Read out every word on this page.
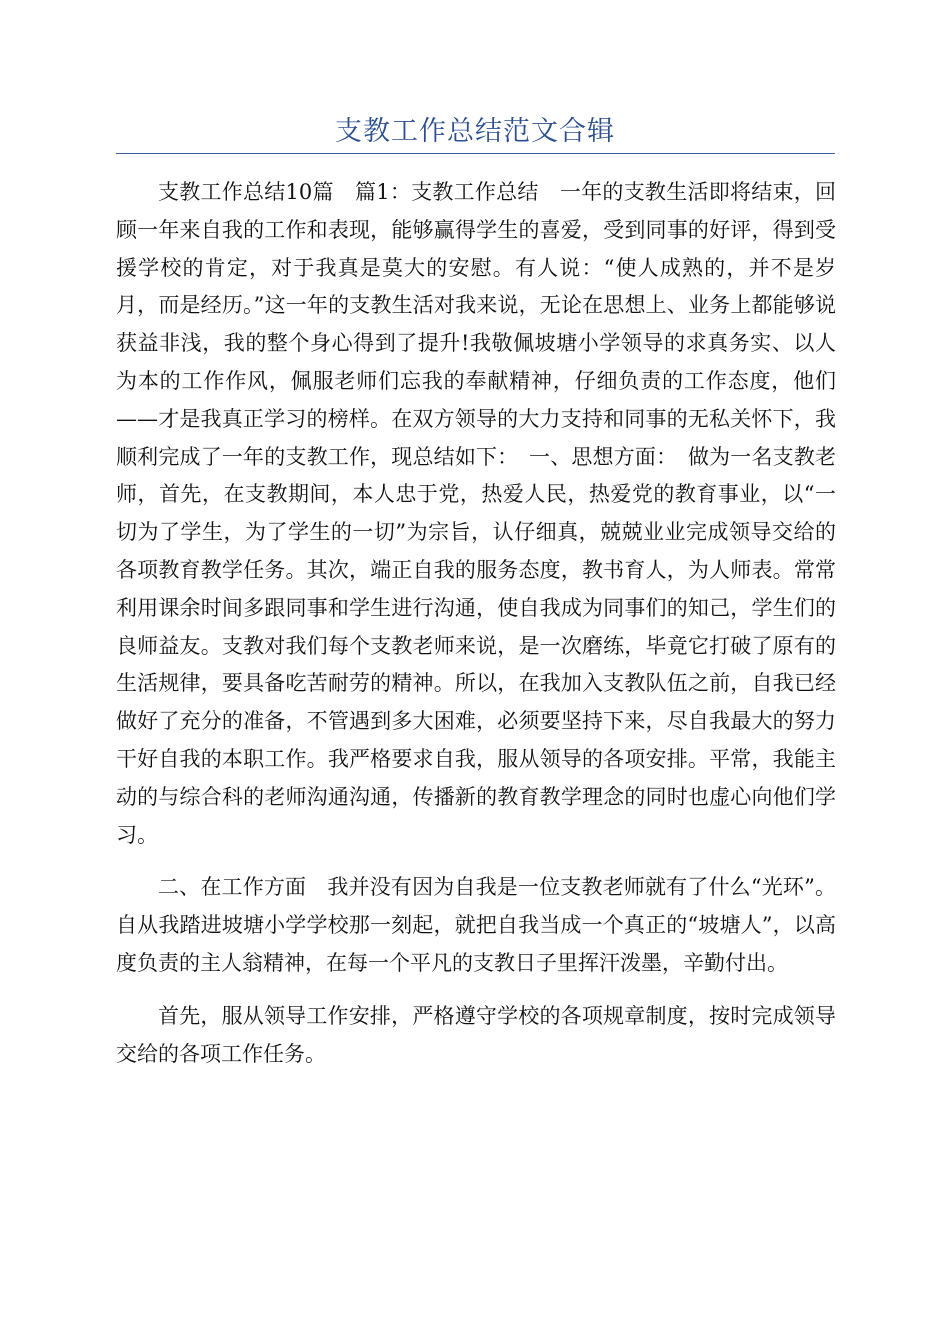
支教工作总结范文合辑

支教工作总结10篇　篇1：支教工作总结　一年的支教生活即将结束，回顾一年来自我的工作和表现，能够赢得学生的喜爱，受到同事的好评，得到受援学校的肯定，对于我真是莫大的安慰。有人说：“使人成熟的，并不是岁月，而是经历。”这一年的支教生活对我来说，无论在思想上、业务上都能够说获益非浅，我的整个身心得到了提升!我敬佩坡塘小学领导的求真务实、以人为本的工作作风，佩服老师们忘我的奉献精神，仔细负责的工作态度，他们——才是我真正学习的榜样。在双方领导的大力支持和同事的无私关怀下，我顺利完成了一年的支教工作，现总结如下：　一、思想方面：　做为一名支教老师，首先，在支教期间，本人忠于党，热爱人民，热爱党的教育事业，以“一切为了学生，为了学生的一切”为宗旨，认仔细真，兢兢业业完成领导交给的各项教育教学任务。其次，端正自我的服务态度，教书育人，为人师表。常常利用课余时间多跟同事和学生进行沟通，使自我成为同事们的知己，学生们的良师益友。支教对我们每个支教老师来说，是一次磨练，毕竟它打破了原有的生活规律，要具备吃苦耐劳的精神。所以，在我加入支教队伍之前，自我已经做好了充分的准备，不管遇到多大困难，必须要坚持下来，尽自我最大的努力干好自我的本职工作。我严格要求自我，服从领导的各项安排。平常，我能主动的与综合科的老师沟通沟通，传播新的教育教学理念的同时也虚心向他们学习。

二、在工作方面　我并没有因为自我是一位支教老师就有了什么“光环”。自从我踏进坡塘小学学校那一刻起，就把自我当成一个真正的“坡塘人”，以高度负责的主人翁精神，在每一个平凡的支教日子里挥汗泼墨，辛勤付出。

首先，服从领导工作安排，严格遵守学校的各项规章制度，按时完成领导交给的各项工作任务。
